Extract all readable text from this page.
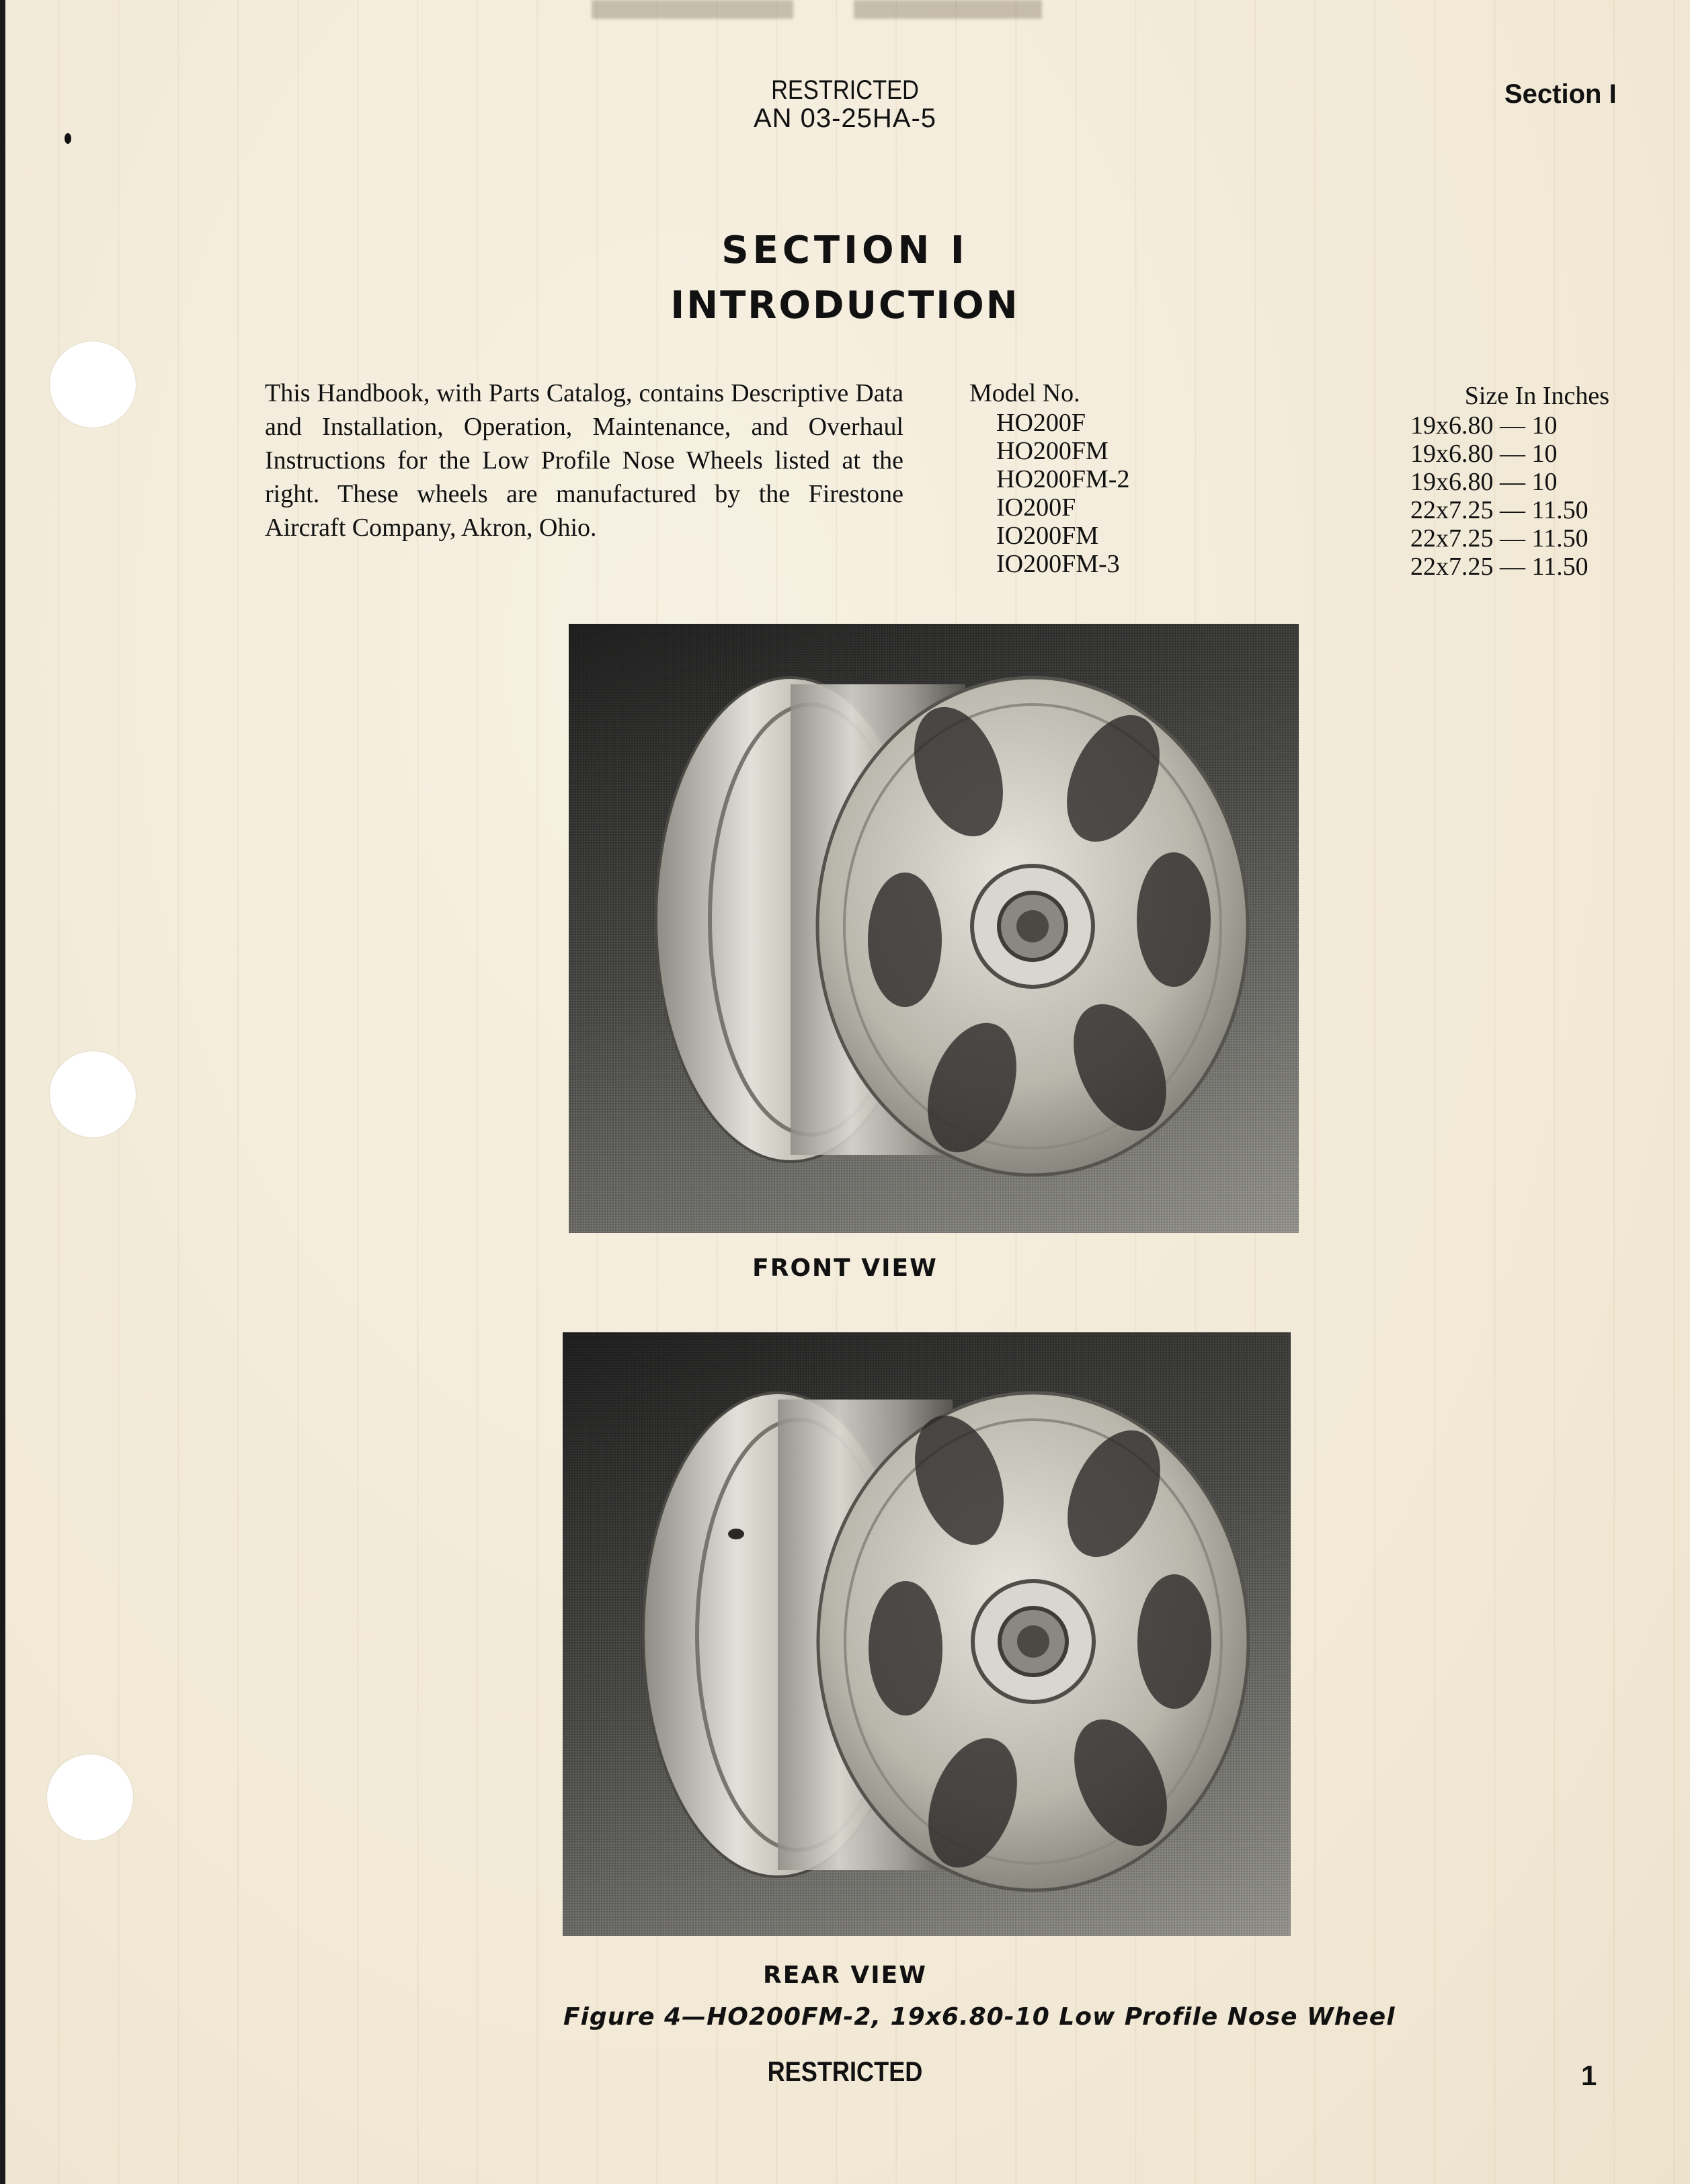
RESTRICTED
AN 03-25HA-5
Section I
SECTION I
INTRODUCTION
This Handbook, with Parts Catalog, contains Descriptive Data and Installation, Operation, Maintenance, and Overhaul Instructions for the Low Profile Nose Wheels listed at the right. These wheels are manufactured by the Firestone Aircraft Company, Akron, Ohio.
Model No.
HO200F
HO200FM
HO200FM-2
IO200F
IO200FM
IO200FM-3
Size In Inches
19x6.80 — 10
19x6.80 — 10
19x6.80 — 10
22x7.25 — 11.50
22x7.25 — 11.50
22x7.25 — 11.50
FRONT VIEW
REAR VIEW
Figure 4—HO200FM-2, 19x6.80-10 Low Profile Nose Wheel
RESTRICTED	1
